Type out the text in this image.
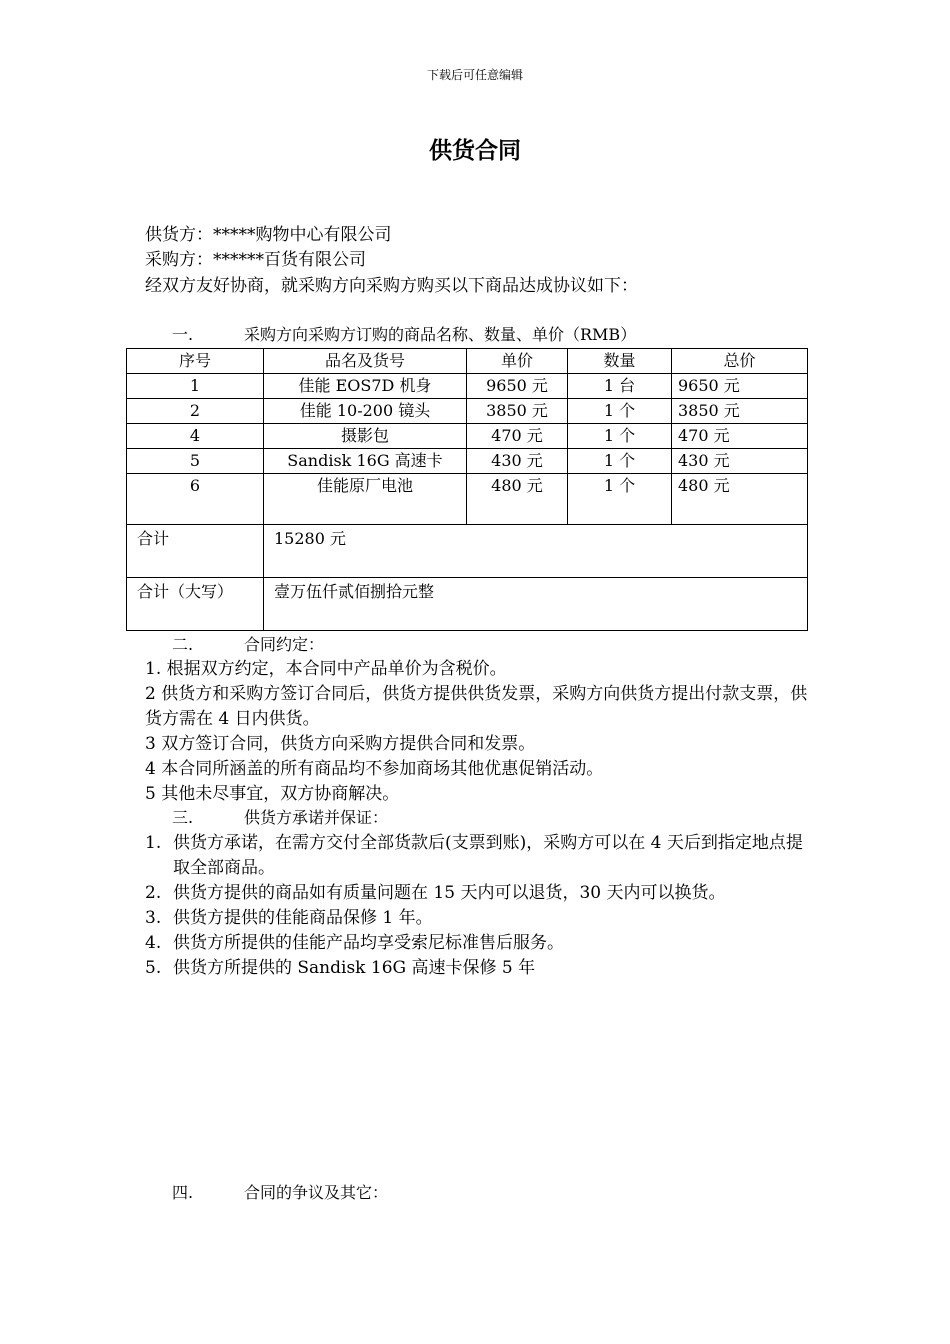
下载后可任意编辑
供货合同
供货方：*****购物中心有限公司
采购方：******百货有限公司
经双方友好协商，就采购方向采购方购买以下商品达成协议如下：
一.	采购方向采购方订购的商品名称、数量、单价（RMB）
序号	品名及货号	单价	数量	总价
1	佳能 EOS7D 机身	9650 元	1 台	9650 元
2	佳能 10-200 镜头	3850 元	1 个	3850 元
4	摄影包	470 元	1 个	470 元
5	Sandisk 16G 高速卡	430 元	1 个	430 元
6	佳能原厂电池	480 元	1 个	480 元
合计	15280 元			
合计（大写）	壹万伍仟贰佰捌拾元整			
二.	合同约定：
1. 根据双方约定，本合同中产品单价为含税价。
2 供货方和采购方签订合同后，供货方提供供货发票，采购方向供货方提出付款支票，供货方需在 4 日内供货。
3 双方签订合同，供货方向采购方提供合同和发票。
4 本合同所涵盖的所有商品均不参加商场其他优惠促销活动。
5 其他未尽事宜，双方协商解决。
三.	供货方承诺并保证：
1. 供货方承诺，在需方交付全部货款后(支票到账)，采购方可以在 4 天后到指定地点提取全部商品。
2. 供货方提供的商品如有质量问题在 15 天内可以退货，30 天内可以换货。
3. 供货方提供的佳能商品保修 1 年。
4. 供货方所提供的佳能产品均享受索尼标准售后服务。
5. 供货方所提供的 Sandisk 16G 高速卡保修 5 年
四.	合同的争议及其它：
